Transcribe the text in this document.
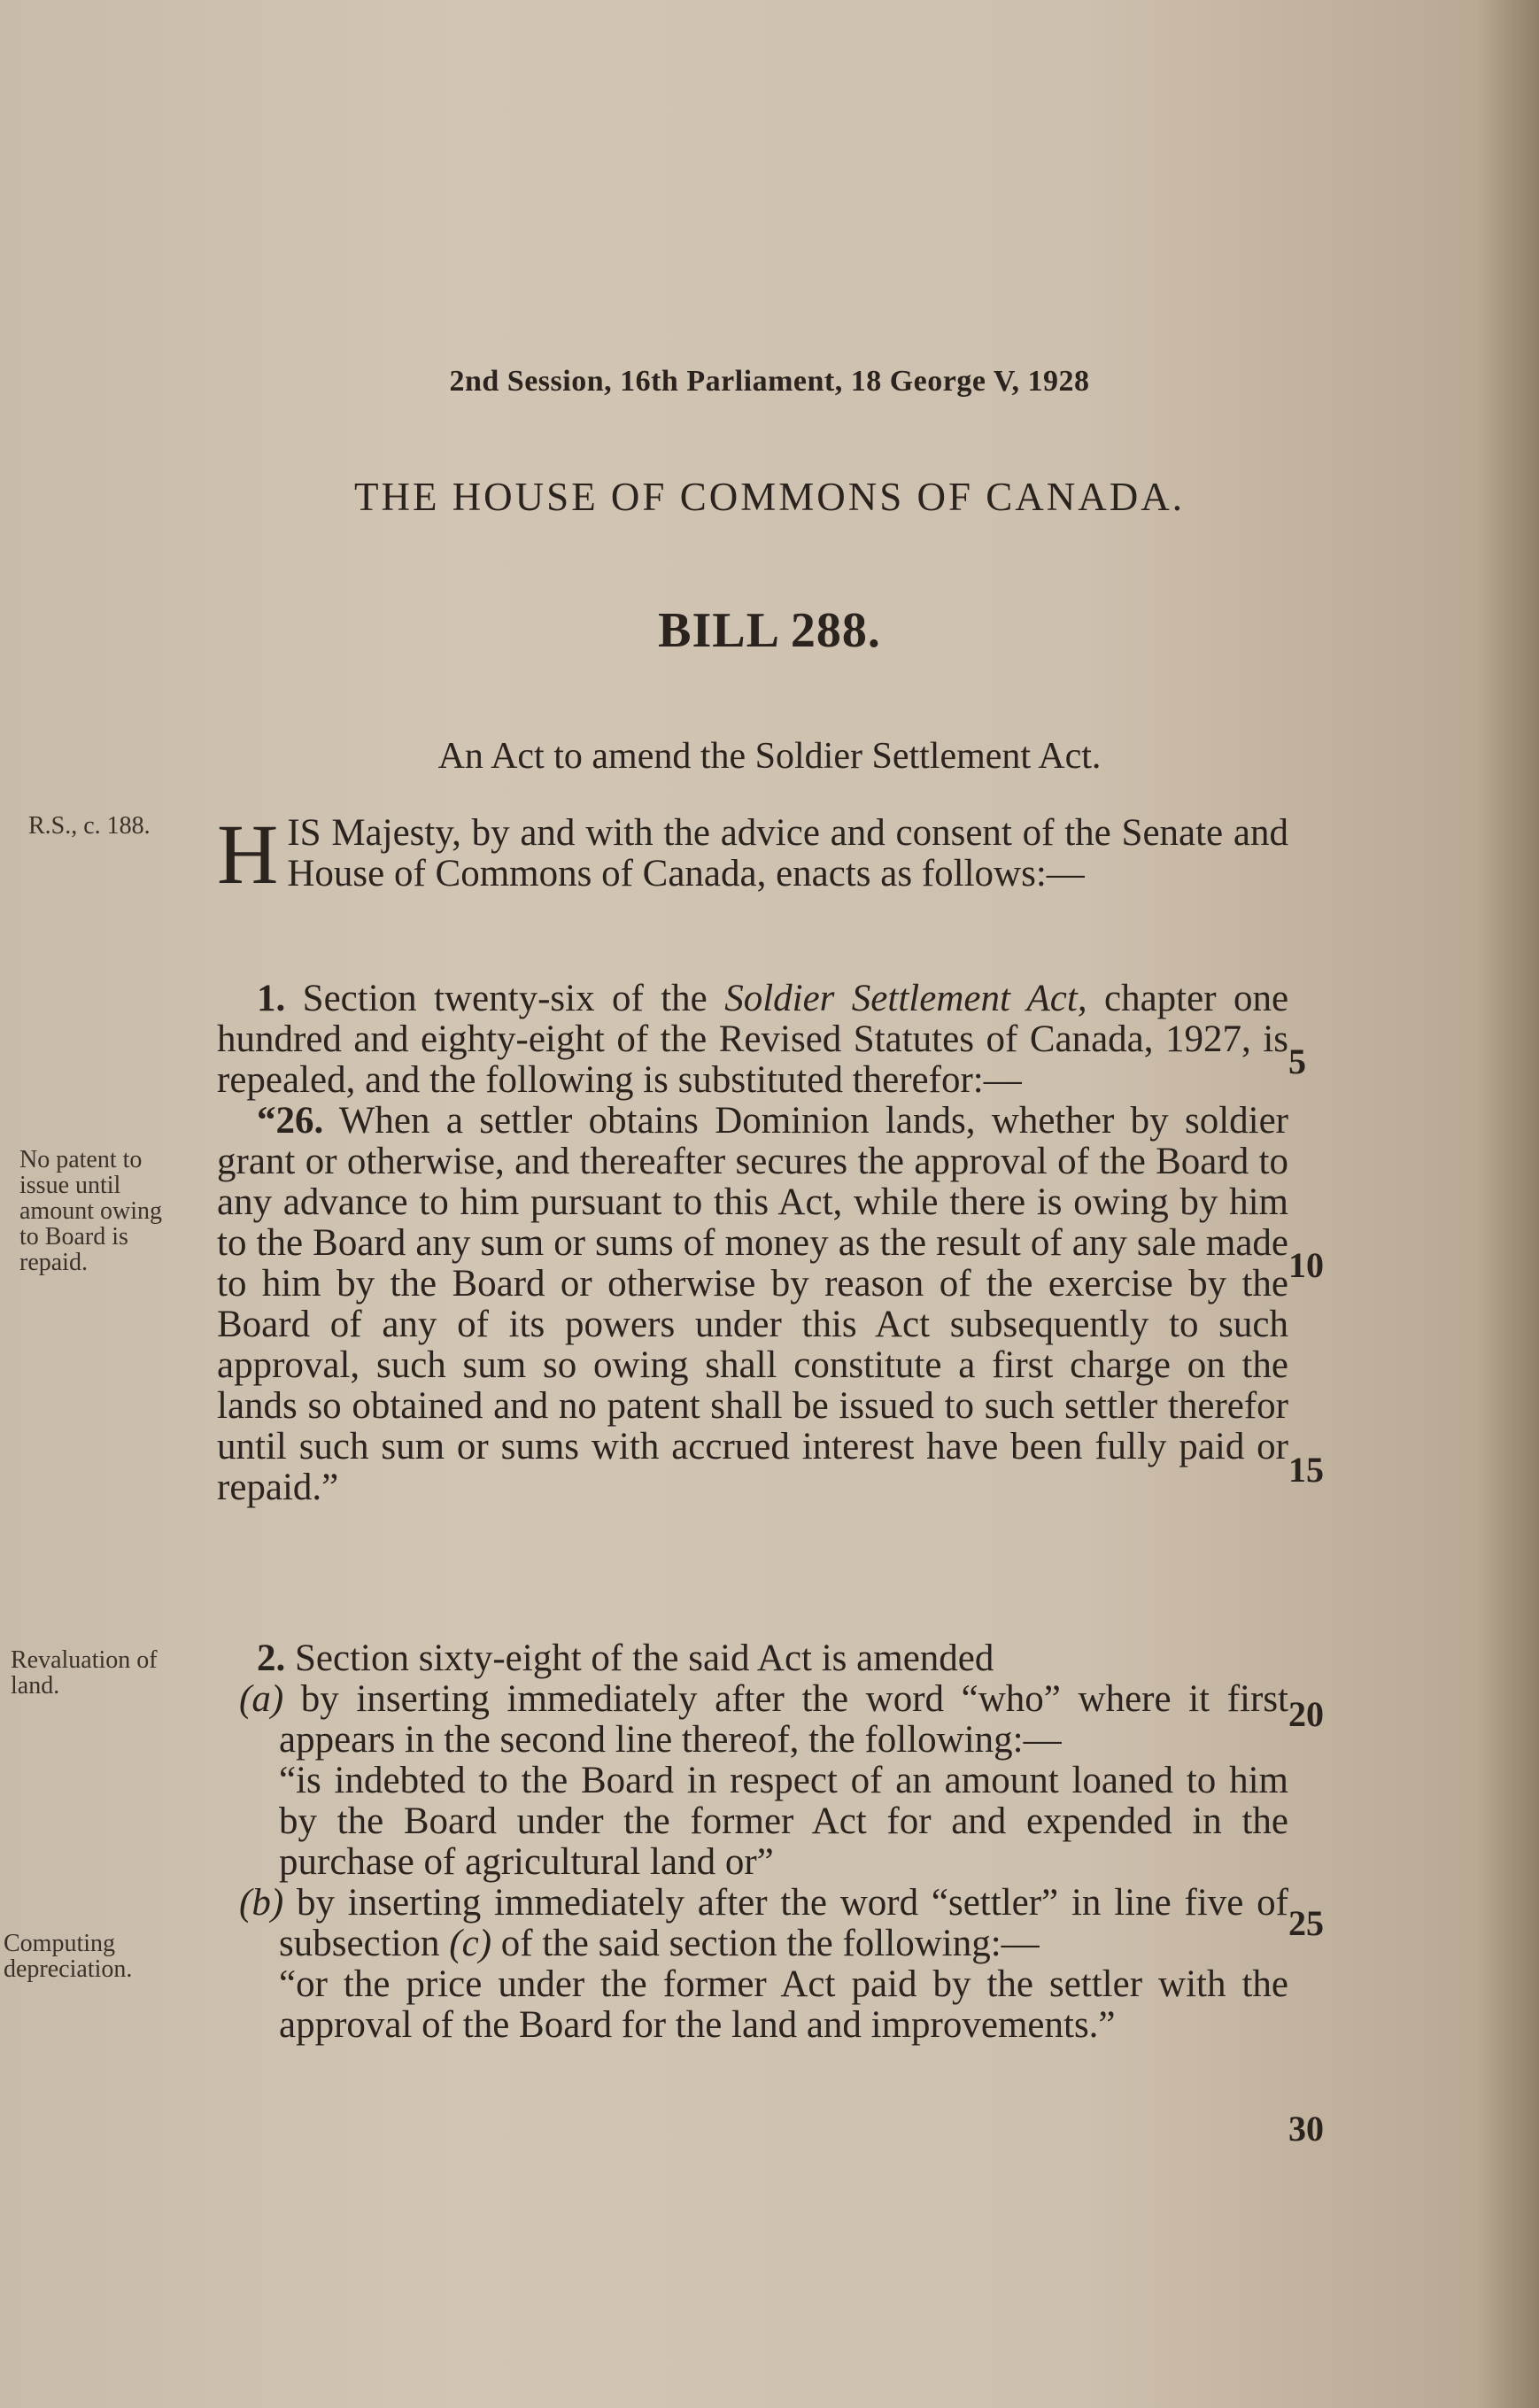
2nd Session, 16th Parliament, 18 George V, 1928

THE HOUSE OF COMMONS OF CANADA.

BILL 288.

An Act to amend the Soldier Settlement Act.

R.S., c. 188.

No patent to issue until amount owing to Board is repaid.

Revaluation of land.

Computing depreciation.

H IS Majesty, by and with the advice and consent of the Senate and House of Commons of Canada, enacts as follows:—

1. Section twenty-six of the Soldier Settlement Act, chapter one hundred and eighty-eight of the Revised Statutes of Canada, 1927, is repealed, and the following is substituted therefor:—

“26. When a settler obtains Dominion lands, whether by soldier grant or otherwise, and thereafter secures the approval of the Board to any advance to him pursuant to this Act, while there is owing by him to the Board any sum or sums of money as the result of any sale made to him by the Board or otherwise by reason of the exercise by the Board of any of its powers under this Act subsequently to such approval, such sum so owing shall constitute a first charge on the lands so obtained and no patent shall be issued to such settler therefor until such sum or sums with accrued interest have been fully paid or repaid.”

2. Section sixty-eight of the said Act is amended

(a) by inserting immediately after the word “who” where it first appears in the second line thereof, the following:—

“is indebted to the Board in respect of an amount loaned to him by the Board under the former Act for and expended in the purchase of agricultural land or”

(b) by inserting immediately after the word “settler” in line five of subsection (c) of the said section the following:—

“or the price under the former Act paid by the settler with the approval of the Board for the land and improvements.”

5
10
15
20
25
30
